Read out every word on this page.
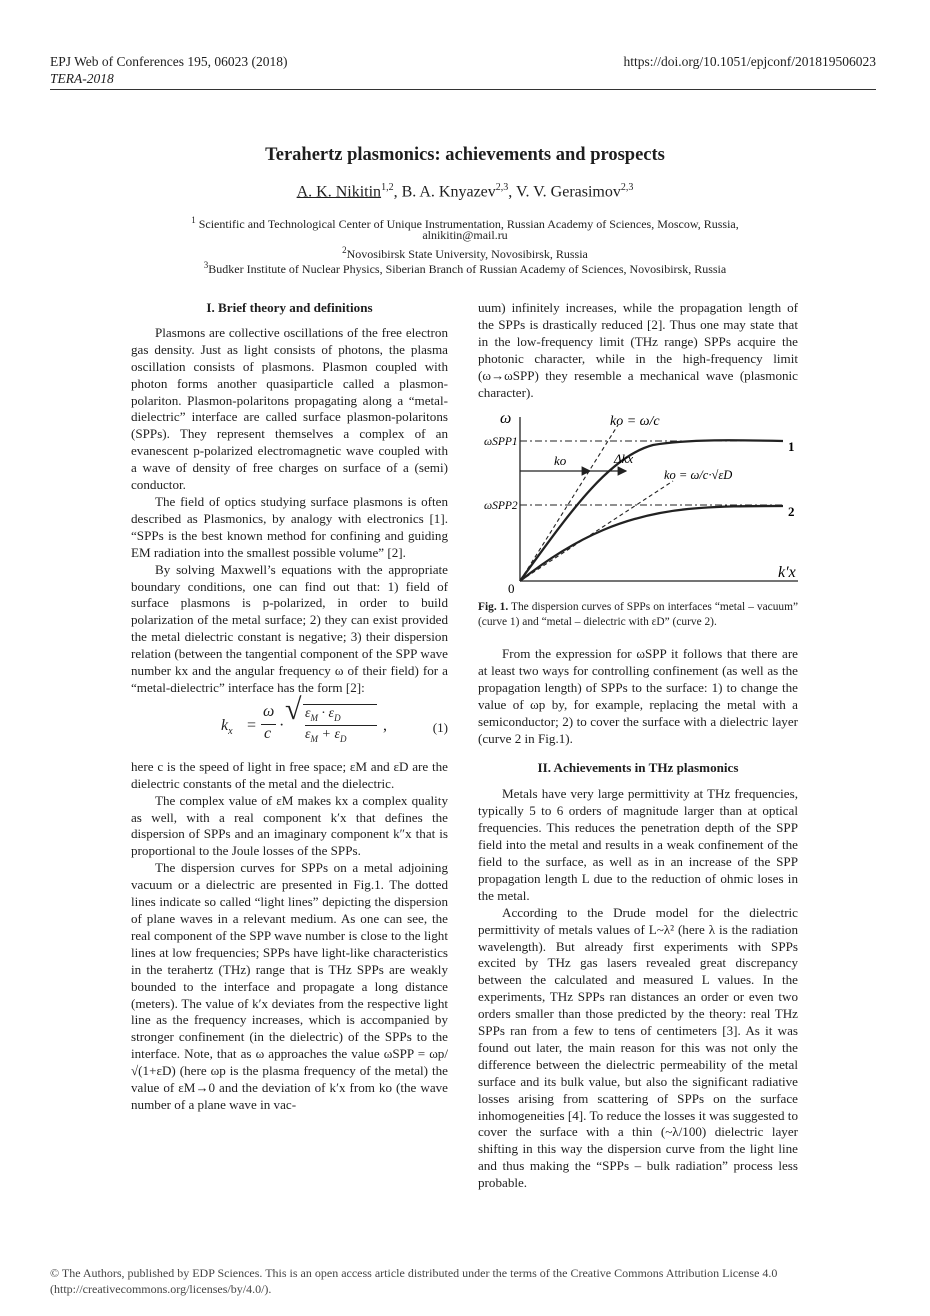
EPJ Web of Conferences 195, 06023 (2018)
TERA-2018
https://doi.org/10.1051/epjconf/201819506023
Terahertz plasmonics: achievements and prospects
A. K. Nikitin$^{1,2}$, B. A. Knyazev$^{2,3}$, V. V. Gerasimov$^{2,3}$
$^1$ Scientific and Technological Center of Unique Instrumentation, Russian Academy of Sciences, Moscow, Russia,
alnikitin@mail.ru
$^2$Novosibirsk State University, Novosibirsk, Russia
$^3$Budker Institute of Nuclear Physics, Siberian Branch of Russian Academy of Sciences, Novosibirsk, Russia
I. Brief theory and definitions

Plasmons are collective oscillations of the free electron gas density. Just as light consists of photons, the plasma oscillation consists of plasmons. Plasmon coupled with photon forms another quasiparticle called a plasmon-polariton. Plasmon-polaritons propagating along a “metal-dielectric” interface are called surface plasmon-polaritons (SPPs). They represent themselves a complex of an evanescent p-polarized electromagnetic wave coupled with a wave of density of free charges on surface of a (semi) conductor.

The field of optics studying surface plasmons is often described as Plasmonics, by analogy with electronics [1]. “SPPs is the best known method for confining and guiding EM radiation into the smallest possible volume” [2].

By solving Maxwell’s equations with the appropriate boundary conditions, one can find out that: 1) field of surface plasmons is p-polarized, in order to build polarization of the metal surface; 2) they can exist provided the metal dielectric constant is negative; 3) their dispersion relation (between the tangential component of the SPP wave number kx and the angular frequency ω of their field) for a “metal-dielectric” interface has the form [2]:

$k_x$ =
ω
c · √ $\varepsilon_M \cdot \varepsilon_D$
$\varepsilon_M + \varepsilon_D$
,	(1)

here c is the speed of light in free space; εM and εD are the dielectric constants of the metal and the dielectric.

The complex value of εM makes kx a complex quality as well, with a real component k′x that defines the dispersion of SPPs and an imaginary component k″x that is proportional to the Joule losses of the SPPs.

The dispersion curves for SPPs on a metal adjoining vacuum or a dielectric are presented in Fig.1. The dotted lines indicate so called “light lines” depicting the dispersion of plane waves in a relevant medium. As one can see, the real component of the SPP wave number is close to the light lines at low frequencies; SPPs have light-like characteristics in the terahertz (THz) range that is THz SPPs are weakly bounded to the interface and propagate a long distance (meters). The value of k′x deviates from the respective light line as the frequency increases, which is accompanied by stronger confinement (in the dielectric) of the SPPs to the interface. Note, that as ω approaches the value ωSPP = ωp/√(1+εD) (here ωp is the plasma frequency of the metal) the value of εM→0 and the deviation of k′x from ko (the wave number of a plane wave in vac-

uum) infinitely increases, while the propagation length of the SPPs is drastically reduced [2]. Thus one may state that in the low-frequency limit (THz range) SPPs acquire the photonic character, while in the high-frequency limit (ω→ωSPP) they resemble a mechanical wave (plasmonic character).

ω
0
ωSPP1
ωSPP2
ko = ω/c
ko = ω/c·√εD
ko	Δkx
k′x
1
2
Fig. 1. The dispersion curves of SPPs on interfaces “metal – vacuum” (curve 1) and “metal – dielectric with εD” (curve 2).

From the expression for ωSPP it follows that there are at least two ways for controlling confinement (as well as the propagation length) of SPPs to the surface: 1) to change the value of ωp by, for example, replacing the metal with a semiconductor; 2) to cover the surface with a dielectric layer (curve 2 in Fig.1).

II. Achievements in THz plasmonics

Metals have very large permittivity at THz frequencies, typically 5 to 6 orders of magnitude larger than at optical frequencies. This reduces the penetration depth of the SPP field into the metal and results in a weak confinement of the field to the surface, as well as in an increase of the SPP propagation length L due to the reduction of ohmic loses in the metal.

According to the Drude model for the dielectric permittivity of metals values of L~λ² (here λ is the radiation wavelength). But already first experiments with SPPs excited by THz gas lasers revealed great discrepancy between the calculated and measured L values. In the experiments, THz SPPs ran distances an order or even two orders smaller than those predicted by the theory: real THz SPPs ran from a few to tens of centimeters [3]. As it was found out later, the main reason for this was not only the difference between the dielectric permeability of the metal surface and its bulk value, but also the significant radiative losses arising from scattering of SPPs on the surface inhomogeneities [4]. To reduce the losses it was suggested to cover the surface with a thin (~λ/100) dielectric layer shifting in this way the dispersion curve from the light line and thus making the “SPPs – bulk radiation” process less probable.

© The Authors, published by EDP Sciences. This is an open access article distributed under the terms of the Creative Commons Attribution License 4.0
(http://creativecommons.org/licenses/by/4.0/).
